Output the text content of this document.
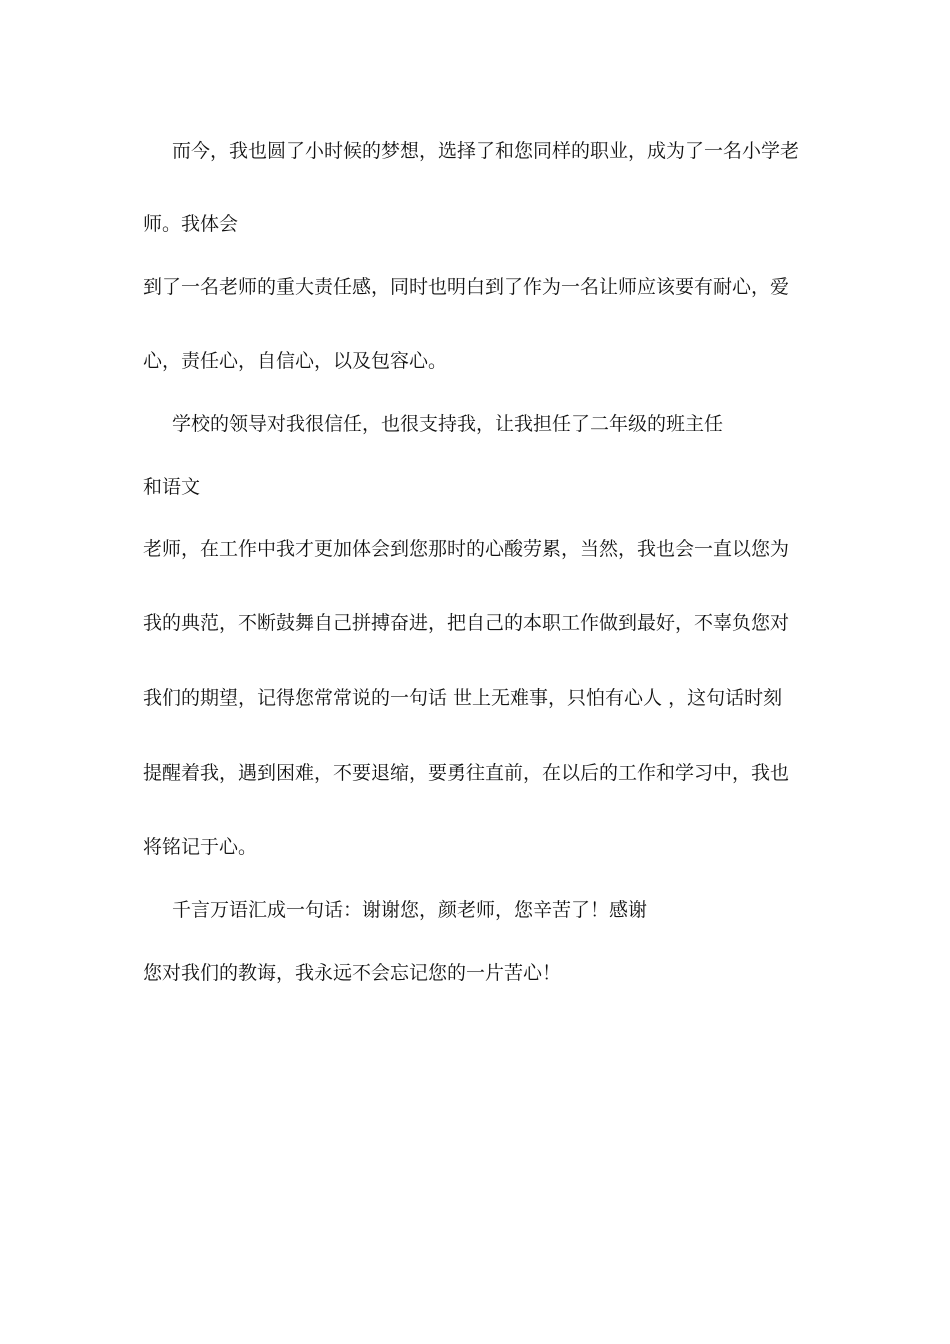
而今，我也圆了小时候的梦想，选择了和您同样的职业，成为了一名小学老
师。我体会
到了一名老师的重大责任感，同时也明白到了作为一名让师应该要有耐心，爱
心，责任心，自信心，以及包容心。
学校的领导对我很信任，也很支持我，让我担任了二年级的班主任
和语文
老师，在工作中我才更加体会到您那时的心酸劳累，当然，我也会一直以您为
我的典范，不断鼓舞自己拼搏奋进，把自己的本职工作做到最好，不辜负您对
我们的期望，记得您常常说的一句话 世上无难事，只怕有心人 ，这句话时刻
提醒着我，遇到困难，不要退缩，要勇往直前，在以后的工作和学习中，我也
将铭记于心。
千言万语汇成一句话：谢谢您，颜老师，您辛苦了！感谢
您对我们的教诲，我永远不会忘记您的一片苦心！
